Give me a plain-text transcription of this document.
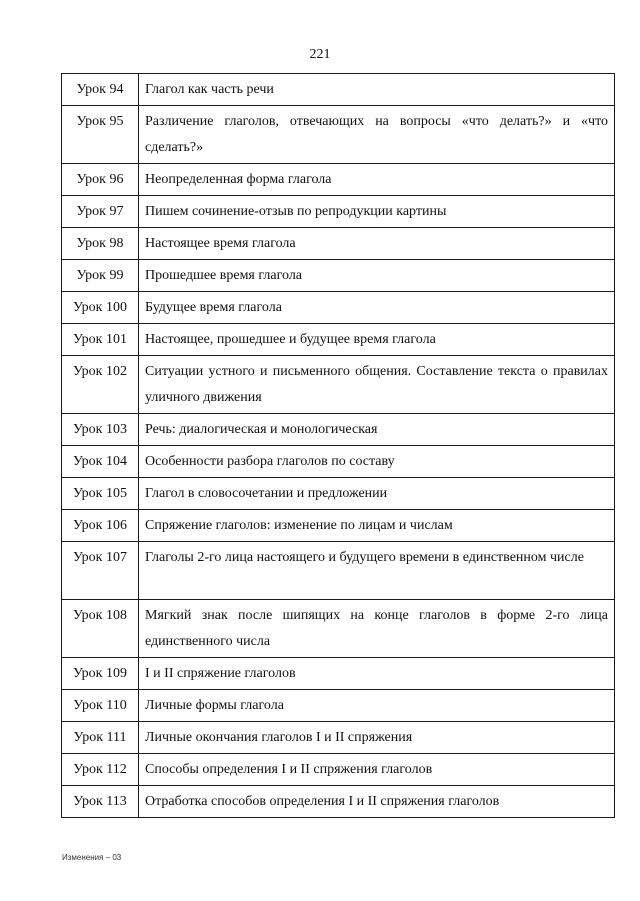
221
Урок 94	Глагол как часть речи
Урок 95	Различение глаголов, отвечающих на вопросы «что делать?» и «что сделать?»
Урок 96	Неопределенная форма глагола
Урок 97	Пишем сочинение-отзыв по репродукции картины
Урок 98	Настоящее время глагола
Урок 99	Прошедшее время глагола
Урок 100	Будущее время глагола
Урок 101	Настоящее, прошедшее и будущее время глагола
Урок 102	Ситуации устного и письменного общения. Составление текста о правилах уличного движения
Урок 103	Речь: диалогическая и монологическая
Урок 104	Особенности разбора глаголов по составу
Урок 105	Глагол в словосочетании и предложении
Урок 106	Спряжение глаголов: изменение по лицам и числам
Урок 107	Глаголы 2-го лица настоящего и будущего времени в единственном числе
Урок 108	Мягкий знак после шипящих на конце глаголов в форме 2-го лица единственного числа
Урок 109	I и II спряжение глаголов
Урок 110	Личные формы глагола
Урок 111	Личные окончания глаголов I и II спряжения
Урок 112	Способы определения I и II спряжения глаголов
Урок 113	Отработка способов определения I и II спряжения глаголов
Изменения – 03
